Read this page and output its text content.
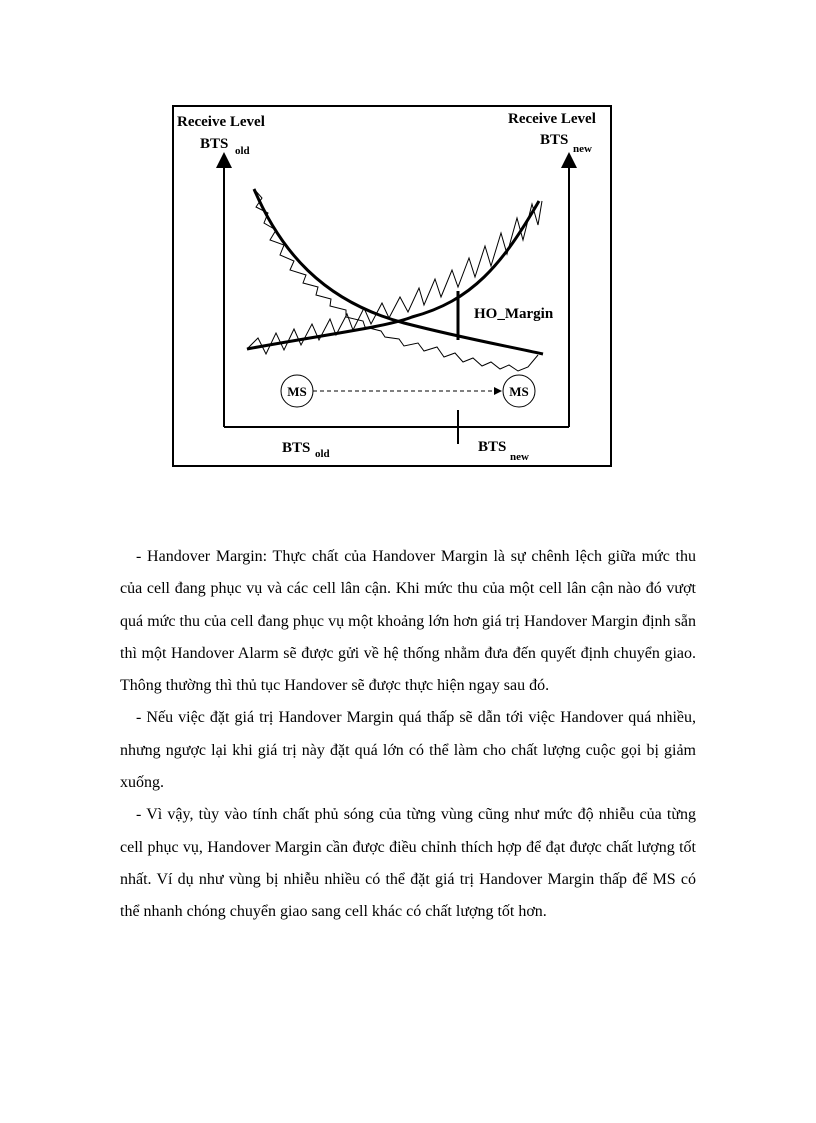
HO_Margin
Receive Level
BTS old
Receive Level
BTS
new
MS	MS
BTS old	BTS
new

- Handover Margin: Thực chất của Handover Margin là sự chênh lệch giữa mức thu của cell đang phục vụ và các cell lân cận. Khi mức thu của một cell lân cận nào đó vượt quá mức thu của cell đang phục vụ một khoảng lớn hơn giá trị Handover Margin định sẵn thì một Handover Alarm sẽ được gửi về hệ thống nhằm đưa đến quyết định chuyển giao. Thông thường thì thủ tục Handover sẽ được thực hiện ngay sau đó.

- Nếu việc đặt giá trị Handover Margin quá thấp sẽ dẫn tới việc Handover quá nhiều, nhưng ngược lại khi giá trị này đặt quá lớn có thể làm cho chất lượng cuộc gọi bị giảm xuống.

- Vì vậy, tùy vào tính chất phủ sóng của từng vùng cũng như mức độ nhiễu của từng cell phục vụ, Handover Margin cần được điều chỉnh thích hợp để đạt được chất lượng tốt nhất. Ví dụ như vùng bị nhiễu nhiều có thể đặt giá trị Handover Margin thấp để MS có thể nhanh chóng chuyển giao sang cell khác có chất lượng tốt hơn.
